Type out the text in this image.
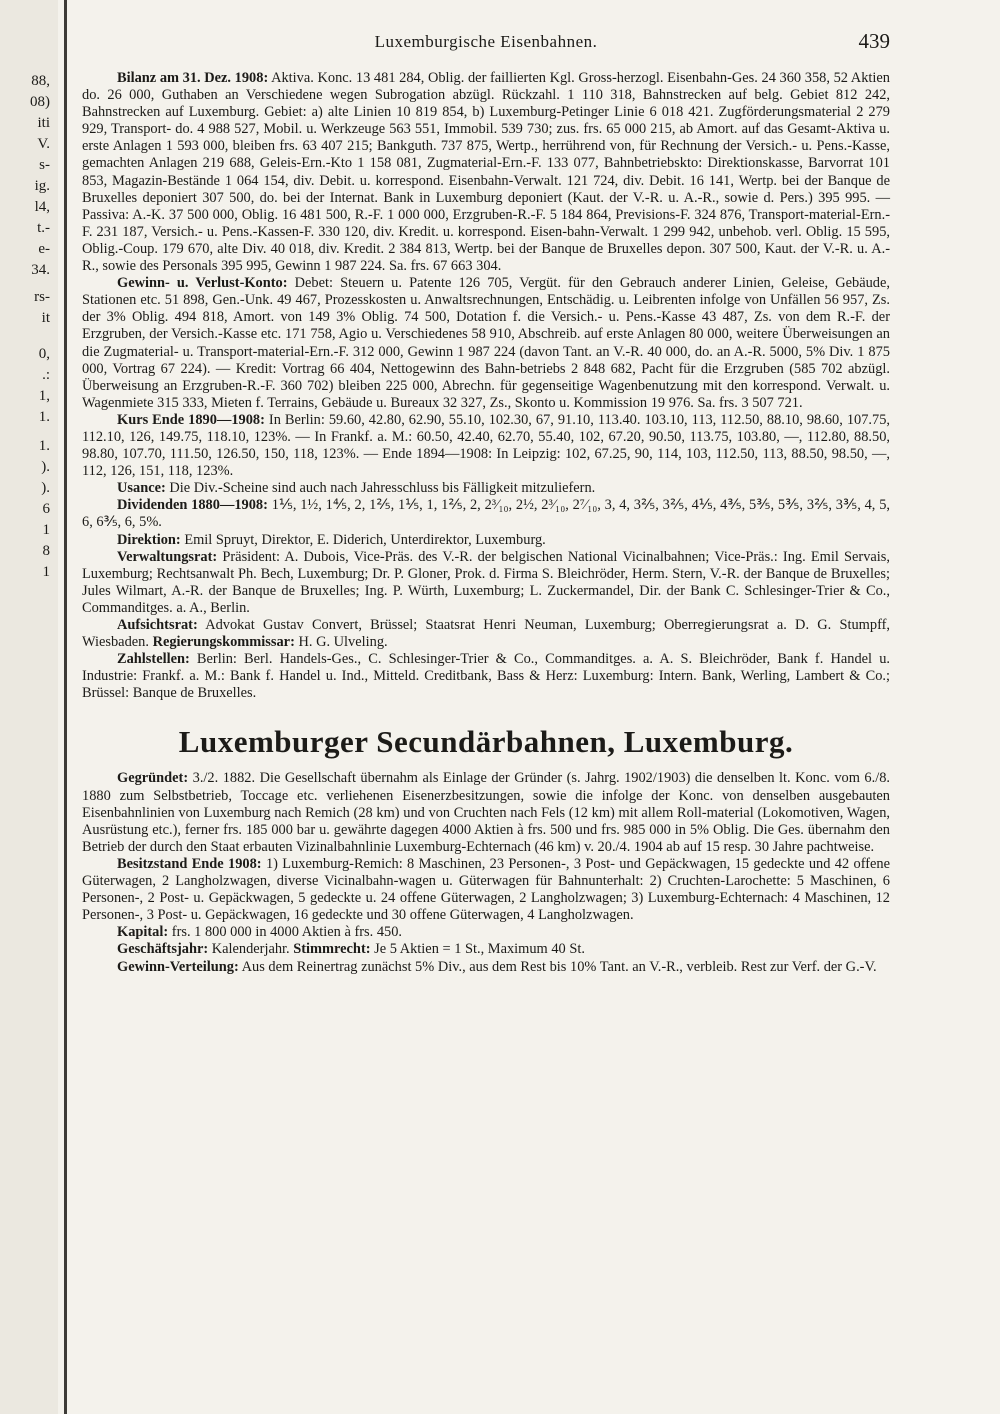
88,
08)
iti
V.
s-
ig.
l4,
t.-
e-
34.
rs-
it
0,
.:
1,
1.
1.
).
).
6
1
8
1
Luxemburgische Eisenbahnen.	439

Bilanz am 31. Dez. 1908: Aktiva. Konc. 13 481 284, Oblig. der faillierten Kgl. Gross-herzogl. Eisenbahn-Ges. 24 360 358, 52 Aktien do. 26 000, Guthaben an Verschiedene wegen Subrogation abzügl. Rückzahl. 1 110 318, Bahnstrecken auf belg. Gebiet 812 242, Bahnstrecken auf Luxemburg. Gebiet: a) alte Linien 10 819 854, b) Luxemburg-Petinger Linie 6 018 421. Zugförderungsmaterial 2 279 929, Transport- do. 4 988 527, Mobil. u. Werkzeuge 563 551, Immobil. 539 730; zus. frs. 65 000 215, ab Amort. auf das Gesamt-Aktiva u. erste Anlagen 1 593 000, bleiben frs. 63 407 215; Bankguth. 737 875, Wertp., herrührend von, für Rechnung der Versich.- u. Pens.-Kasse, gemachten Anlagen 219 688, Geleis-Ern.-Kto 1 158 081, Zugmaterial-Ern.-F. 133 077, Bahnbetriebskto: Direktionskasse, Barvorrat 101 853, Magazin-Bestände 1 064 154, div. Debit. u. korrespond. Eisenbahn-Verwalt. 121 724, div. Debit. 16 141, Wertp. bei der Banque de Bruxelles deponiert 307 500, do. bei der Internat. Bank in Luxemburg deponiert (Kaut. der V.-R. u. A.-R., sowie d. Pers.) 395 995. — Passiva: A.-K. 37 500 000, Oblig. 16 481 500, R.-F. 1 000 000, Erzgruben-R.-F. 5 184 864, Previsions-F. 324 876, Transport-material-Ern.-F. 231 187, Versich.- u. Pens.-Kassen-F. 330 120, div. Kredit. u. korrespond. Eisen-bahn-Verwalt. 1 299 942, unbehob. verl. Oblig. 15 595, Oblig.-Coup. 179 670, alte Div. 40 018, div. Kredit. 2 384 813, Wertp. bei der Banque de Bruxelles depon. 307 500, Kaut. der V.-R. u. A.-R., sowie des Personals 395 995, Gewinn 1 987 224. Sa. frs. 67 663 304.

Gewinn- u. Verlust-Konto: Debet: Steuern u. Patente 126 705, Vergüt. für den Gebrauch anderer Linien, Geleise, Gebäude, Stationen etc. 51 898, Gen.-Unk. 49 467, Prozesskosten u. Anwaltsrechnungen, Entschädig. u. Leibrenten infolge von Unfällen 56 957, Zs. der 3% Oblig. 494 818, Amort. von 149 3% Oblig. 74 500, Dotation f. die Versich.- u. Pens.-Kasse 43 487, Zs. von dem R.-F. der Erzgruben, der Versich.-Kasse etc. 171 758, Agio u. Verschiedenes 58 910, Abschreib. auf erste Anlagen 80 000, weitere Überweisungen an die Zugmaterial- u. Transport-material-Ern.-F. 312 000, Gewinn 1 987 224 (davon Tant. an V.-R. 40 000, do. an A.-R. 5000, 5% Div. 1 875 000, Vortrag 67 224). — Kredit: Vortrag 66 404, Nettogewinn des Bahn-betriebs 2 848 682, Pacht für die Erzgruben (585 702 abzügl. Überweisung an Erzgruben-R.-F. 360 702) bleiben 225 000, Abrechn. für gegenseitige Wagenbenutzung mit den korrespond. Verwalt. u. Wagenmiete 315 333, Mieten f. Terrains, Gebäude u. Bureaux 32 327, Zs., Skonto u. Kommission 19 976. Sa. frs. 3 507 721.

Kurs Ende 1890—1908: In Berlin: 59.60, 42.80, 62.90, 55.10, 102.30, 67, 91.10, 113.40. 103.10, 113, 112.50, 88.10, 98.60, 107.75, 112.10, 126, 149.75, 118.10, 123%. — In Frankf. a. M.: 60.50, 42.40, 62.70, 55.40, 102, 67.20, 90.50, 113.75, 103.80, —, 112.80, 88.50, 98.80, 107.70, 111.50, 126.50, 150, 118, 123%. — Ende 1894—1908: In Leipzig: 102, 67.25, 90, 114, 103, 112.50, 113, 88.50, 98.50, —, 112, 126, 151, 118, 123%.

Usance: Die Div.-Scheine sind auch nach Jahresschluss bis Fälligkeit mitzuliefern.

Dividenden 1880—1908: 1⅕, 1½, 1⅘, 2, 1⅖, 1⅕, 1, 1⅖, 2, 2³⁄₁₀, 2½, 2³⁄₁₀, 2⁷⁄₁₀, 3, 4, 3⅖, 3⅖, 4⅕, 4⅗, 5⅗, 5⅗, 3⅖, 3⅗, 4, 5, 6, 6⅗, 6, 5%.

Direktion: Emil Spruyt, Direktor, E. Diderich, Unterdirektor, Luxemburg.

Verwaltungsrat: Präsident: A. Dubois, Vice-Präs. des V.-R. der belgischen National Vicinalbahnen; Vice-Präs.: Ing. Emil Servais, Luxemburg; Rechtsanwalt Ph. Bech, Luxemburg; Dr. P. Gloner, Prok. d. Firma S. Bleichröder, Herm. Stern, V.-R. der Banque de Bruxelles; Jules Wilmart, A.-R. der Banque de Bruxelles; Ing. P. Würth, Luxemburg; L. Zuckermandel, Dir. der Bank C. Schlesinger-Trier & Co., Commanditges. a. A., Berlin.

Aufsichtsrat: Advokat Gustav Convert, Brüssel; Staatsrat Henri Neuman, Luxemburg; Oberregierungsrat a. D. G. Stumpff, Wiesbaden. Regierungskommissar: H. G. Ulveling.

Zahlstellen: Berlin: Berl. Handels-Ges., C. Schlesinger-Trier & Co., Commanditges. a. A. S. Bleichröder, Bank f. Handel u. Industrie: Frankf. a. M.: Bank f. Handel u. Ind., Mitteld. Creditbank, Bass & Herz: Luxemburg: Intern. Bank, Werling, Lambert & Co.; Brüssel: Banque de Bruxelles.

Luxemburger Secundärbahnen, Luxemburg.

Gegründet: 3./2. 1882. Die Gesellschaft übernahm als Einlage der Gründer (s. Jahrg. 1902/1903) die denselben lt. Konc. vom 6./8. 1880 zum Selbstbetrieb, Toccage etc. verliehenen Eisenerzbesitzungen, sowie die infolge der Konc. von denselben ausgebauten Eisenbahnlinien von Luxemburg nach Remich (28 km) und von Cruchten nach Fels (12 km) mit allem Roll-material (Lokomotiven, Wagen, Ausrüstung etc.), ferner frs. 185 000 bar u. gewährte dagegen 4000 Aktien à frs. 500 und frs. 985 000 in 5% Oblig. Die Ges. übernahm den Betrieb der durch den Staat erbauten Vizinalbahnlinie Luxemburg-Echternach (46 km) v. 20./4. 1904 ab auf 15 resp. 30 Jahre pachtweise.

Besitzstand Ende 1908: 1) Luxemburg-Remich: 8 Maschinen, 23 Personen-, 3 Post- und Gepäckwagen, 15 gedeckte und 42 offene Güterwagen, 2 Langholzwagen, diverse Vicinalbahn-wagen u. Güterwagen für Bahnunterhalt: 2) Cruchten-Larochette: 5 Maschinen, 6 Personen-, 2 Post- u. Gepäckwagen, 5 gedeckte u. 24 offene Güterwagen, 2 Langholzwagen; 3) Luxemburg-Echternach: 4 Maschinen, 12 Personen-, 3 Post- u. Gepäckwagen, 16 gedeckte und 30 offene Güterwagen, 4 Langholzwagen.

Kapital: frs. 1 800 000 in 4000 Aktien à frs. 450.

Geschäftsjahr: Kalenderjahr. Stimmrecht: Je 5 Aktien = 1 St., Maximum 40 St.

Gewinn-Verteilung: Aus dem Reinertrag zunächst 5% Div., aus dem Rest bis 10% Tant. an V.-R., verbleib. Rest zur Verf. der G.-V.
